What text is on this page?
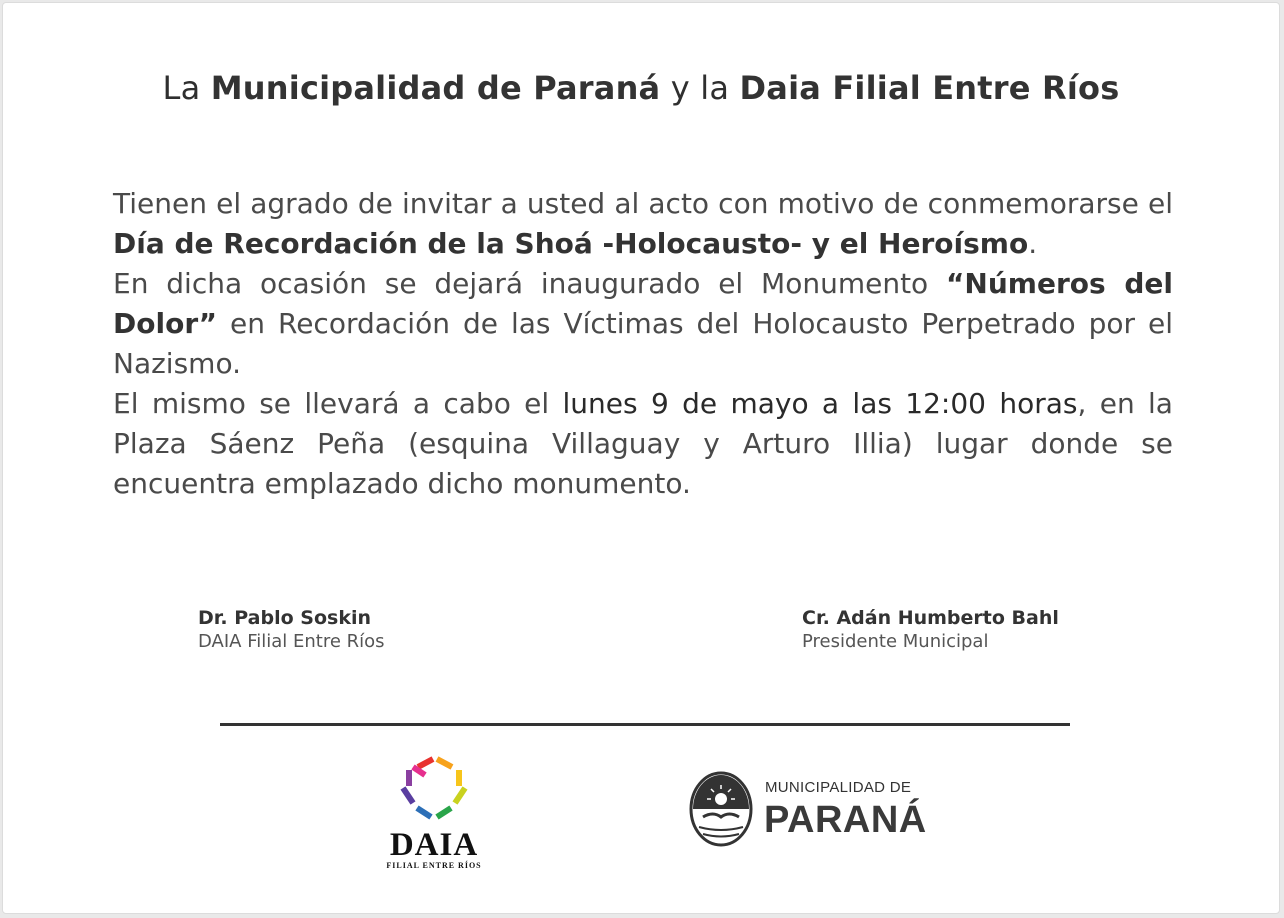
La Municipalidad de Paraná y la Daia Filial Entre Ríos

Tienen el agrado de invitar a usted al acto con motivo de conmemorarse el Día de Recordación de la Shoá -Holocausto- y el Heroísmo.

En dicha ocasión se dejará inaugurado el Monumento “Números del Dolor” en Recordación de las Víctimas del Holocausto Perpetrado por el Nazismo.

El mismo se llevará a cabo el lunes 9 de mayo a las 12:00 horas, en la Plaza Sáenz Peña (esquina Villaguay y Arturo Illia) lugar donde se encuentra emplazado dicho monumento.

Dr. Pablo Soskin
DAIA Filial Entre Ríos
Cr. Adán Humberto Bahl
Presidente Municipal
DAIA
FILIAL ENTRE RÍOS
MUNICIPALIDAD DE
PARANÁ
